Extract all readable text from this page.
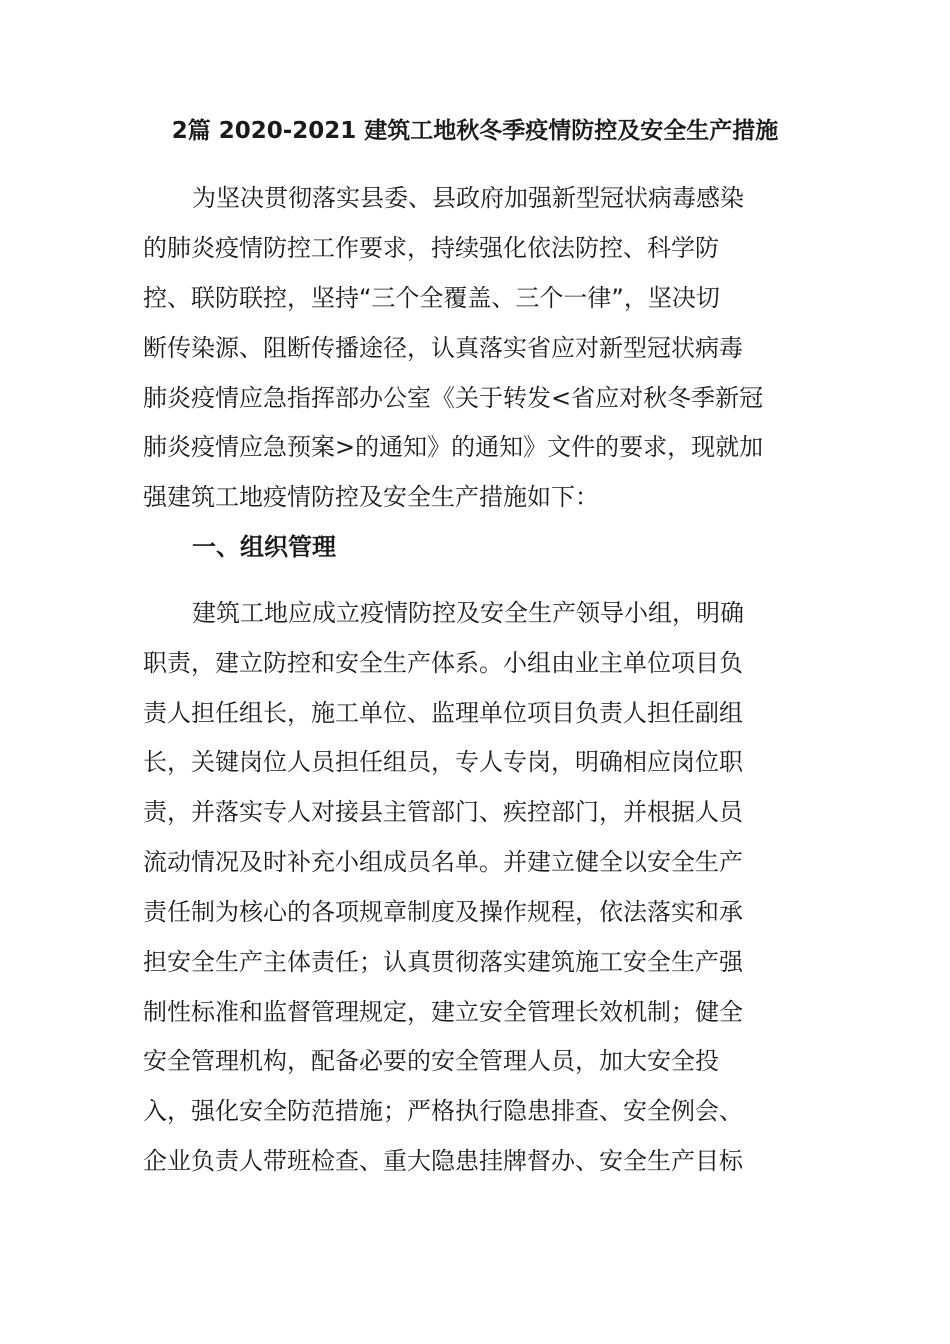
2篇 2020-2021 建筑工地秋冬季疫情防控及安全生产措施

为坚决贯彻落实县委、县政府加强新型冠状病毒感染

的肺炎疫情防控工作要求，持续强化依法防控、科学防

控、联防联控，坚持“三个全覆盖、三个一律”，坚决切

断传染源、阻断传播途径，认真落实省应对新型冠状病毒

肺炎疫情应急指挥部办公室《关于转发<省应对秋冬季新冠

肺炎疫情应急预案>的通知》的通知》文件的要求，现就加

强建筑工地疫情防控及安全生产措施如下：

一、组织管理

建筑工地应成立疫情防控及安全生产领导小组，明确

职责，建立防控和安全生产体系。小组由业主单位项目负

责人担任组长，施工单位、监理单位项目负责人担任副组

长，关键岗位人员担任组员，专人专岗，明确相应岗位职

责，并落实专人对接县主管部门、疾控部门，并根据人员

流动情况及时补充小组成员名单。并建立健全以安全生产

责任制为核心的各项规章制度及操作规程，依法落实和承

担安全生产主体责任；认真贯彻落实建筑施工安全生产强

制性标准和监督管理规定，建立安全管理长效机制；健全

安全管理机构，配备必要的安全管理人员，加大安全投

入，强化安全防范措施；严格执行隐患排查、安全例会、

企业负责人带班检查、重大隐患挂牌督办、安全生产目标
